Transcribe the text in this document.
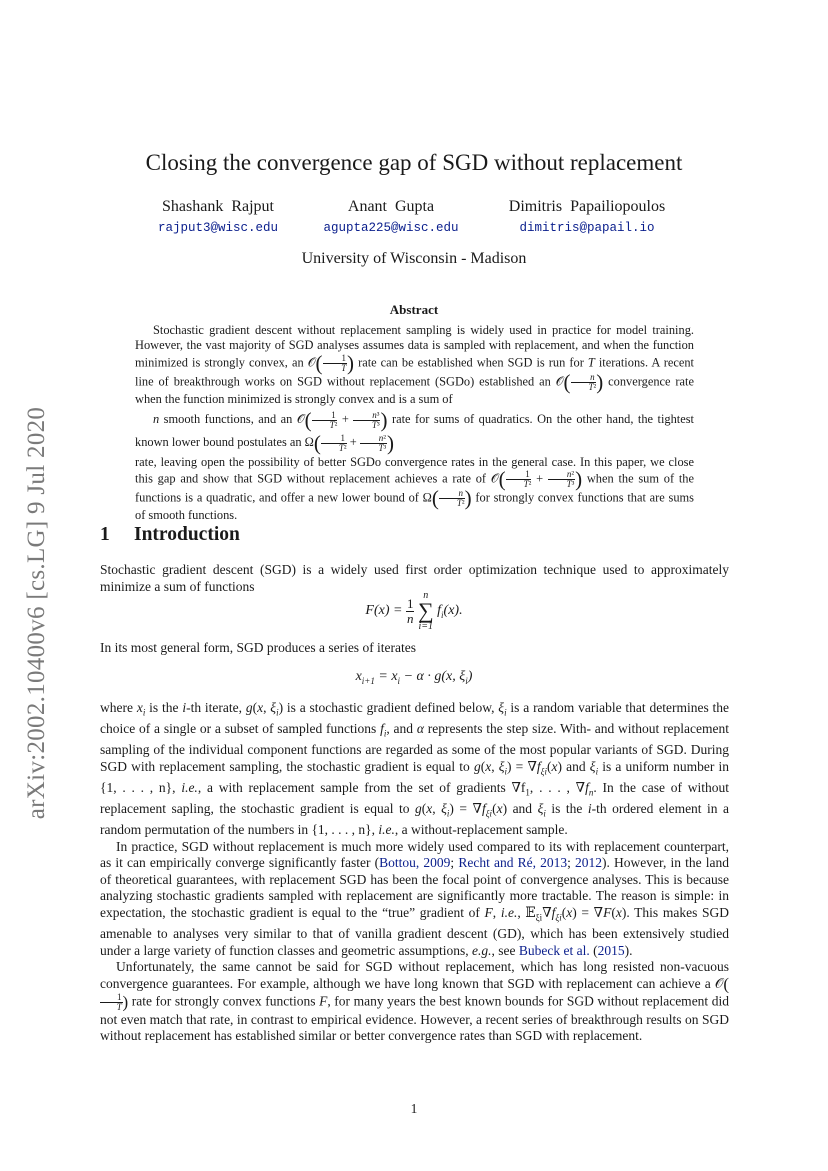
arXiv:2002.10400v6 [cs.LG] 9 Jul 2020
Closing the convergence gap of SGD without replacement
Shashank Rajput
rajput3@wisc.edu
Anant Gupta
agupta225@wisc.edu
Dimitris Papailiopoulos
dimitris@papail.io
University of Wisconsin - Madison
Abstract

Stochastic gradient descent without replacement sampling is widely used in practice for model training. However, the vast majority of SGD analyses assumes data is sampled with replacement, and when the function minimized is strongly convex, an 𝒪( $\frac{1}{T}$ ) rate can be established when SGD is run for T iterations. A recent line of breakthrough works on SGD without replacement (SGDo) established an 𝒪( $\frac{n}{\text{T²}}$ ) convergence rate when the function minimized is strongly convex and is a sum of
n smooth functions, and an 𝒪( $\frac{1}{\text{T²}} + \frac{\text{n³}}{\text{T³}}$ ) rate for sums of quadratics. On the other hand, the tightest known lower bound postulates an $\Omega( \frac{1}{\text{T²}} + \frac{\text{n²}}{\text{T³}}$ )
rate, leaving open the possibility of better SGDo convergence rates in the general case. In this paper, we close this gap and show that SGD without replacement achieves a rate of 𝒪( $\frac{1}{\text{T²}} + \frac{\text{n²}}{\text{T³}}$ ) when the sum of the functions is a quadratic, and offer a new lower bound of $\Omega( \frac{n}{\text{T²}}$ ) for strongly convex functions that are sums of smooth functions.

1 Introduction

Stochastic gradient descent (SGD) is a widely used first order optimization technique used to approximately minimize a sum of functions

$F(x) = \frac{1}{n}$

n
∑
i=1
$f_i(x)$.

In its most general form, SGD produces a series of iterates

$x_{i+1} = x_i - \alpha \cdot g(x$, $\xi_i$)

where $x_i$ is the i-th iterate, g(x, $\xi_i$) is a stochastic gradient defined below, $\xi_i$ is a random variable that determines the choice of a single or a subset of sampled functions $f_i$, and α represents the step size. With- and without replacement sampling of the individual component functions are regarded as some of the most popular variants of SGD. During SGD with replacement sampling, the stochastic gradient is equal to g(x, $\xi_i) = \nabla f_{\xi i}(x)$ and $\xi_i$ is a uniform number in {1, . . . , n}, i.e., a with replacement sample from the set of gradients $\nabla f_1$, . . . , $\nabla f_n$. In the case of without replacement sapling, the stochastic gradient is equal to g(x, $\xi_i) = \nabla f_{\xi i}(x)$ and $\xi_i$ is the i-th ordered element in a random permutation of the numbers in {1, . . . , n}, i.e., a without-replacement sample.

In practice, SGD without replacement is much more widely used compared to its with replacement counterpart, as it can empirically converge significantly faster (Bottou, 2009; Recht and Ré, 2013; 2012). However, in the land of theoretical guarantees, with replacement SGD has been the focal point of convergence analyses. This is because analyzing stochastic gradients sampled with replacement are significantly more tractable. The reason is simple: in expectation, the stochastic gradient is equal to the “true” gradient of F, i.e., $𝔼_{\xi i}\nabla f_{\xi i}(x) = \nabla F(x)$. This makes SGD amenable to analyses very similar to that of vanilla gradient descent (GD), which has been extensively studied under a large variety of function classes and geometric assumptions, e.g., see Bubeck et al. (2015).

Unfortunately, the same cannot be said for SGD without replacement, which has long resisted non-vacuous convergence guarantees. For example, although we have long known that SGD with replacement can achieve a 𝒪(
$\frac{1}{T}$ ) rate for strongly convex functions F, for many years the best known bounds for SGD without replacement did not even match that rate, in contrast to empirical evidence. However, a recent series of breakthrough results on SGD without replacement has established similar or better convergence rates than SGD with replacement.

1
